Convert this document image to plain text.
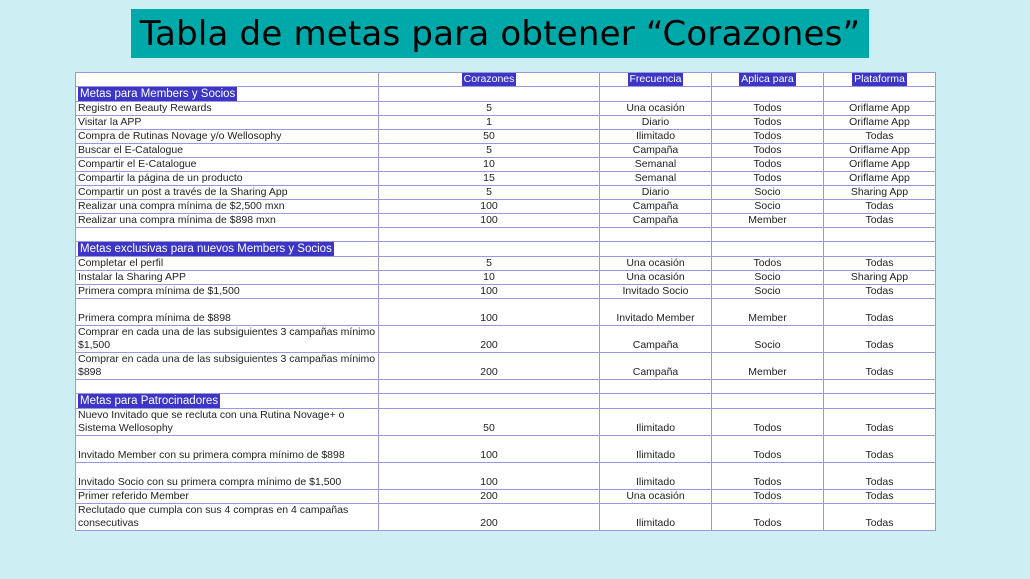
Tabla de metas para obtener “Corazones”
	Corazones	Frecuencia	Aplica para	Plataforma
Metas para Members y Socios				
Registro en Beauty Rewards	5	Una ocasión	Todos	Oriflame App
Visitar la APP	1	Diario	Todos	Oriflame App
Compra de Rutinas Novage y/o Wellosophy	50	Ilimitado	Todos	Todas
Buscar el E-Catalogue	5	Campaña	Todos	Oriflame App
Compartir el E-Catalogue	10	Semanal	Todos	Oriflame App
Compartir la página de un producto	15	Semanal	Todos	Oriflame App
Compartir un post a través de la Sharing App	5	Diario	Socio	Sharing App
Realizar una compra mínima de $2,500 mxn	100	Campaña	Socio	Todas
Realizar una compra mínima de $898 mxn	100	Campaña	Member	Todas

Metas exclusivas para nuevos Members y Socios				
Completar el perfil	5	Una ocasión	Todos	Todas
Instalar la Sharing APP	10	Una ocasión	Socio	Sharing App
Primera compra mínima de $1,500	100	Invitado Socio	Socio	Todas
Primera compra mínima de $898	100	Invitado Member	Member	Todas
Comprar en cada una de las subsiguientes 3 campañas mínimo $1,500	200	Campaña	Socio	Todas
Comprar en cada una de las subsiguientes 3 campañas mínimo $898	200	Campaña	Member	Todas

Metas para Patrocinadores				
Nuevo Invitado que se recluta con una Rutina Novage+ o Sistema Wellosophy	50	Ilimitado	Todos	Todas
Invitado Member con su primera compra mínimo de $898	100	Ilimitado	Todos	Todas
Invitado Socio con su primera compra mínimo de $1,500	100	Ilimitado	Todos	Todas
Primer referido Member	200	Una ocasión	Todos	Todas
Reclutado que cumpla con sus 4 compras en 4 campañas consecutivas	200	Ilimitado	Todos	Todas
